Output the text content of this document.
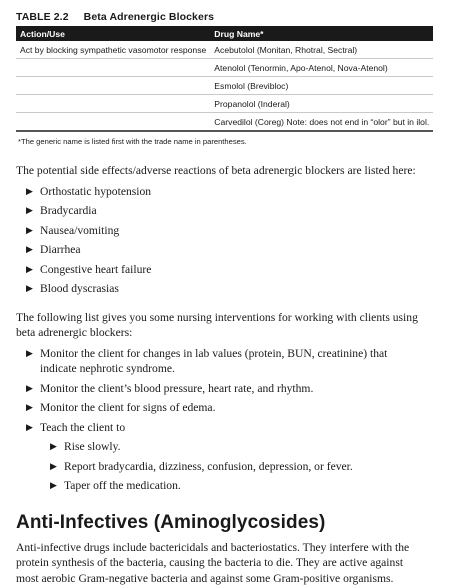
TABLE 2.2 Beta Adrenergic Blockers
Action/Use	Drug Name*
Act by blocking sympathetic vasomotor response	Acebutolol (Monitan, Rhotral, Sectral)
	Atenolol (Tenormin, Apo-Atenol, Nova-Atenol)
	Esmolol (Brevibloc)
	Propanolol (Inderal)
	Carvedilol (Coreg) Note: does not end in “olor” but in ilol.
*The generic name is listed first with the trade name in parentheses.

The potential side effects/adverse reactions of beta adrenergic blockers are listed here:

▶ Orthostatic hypotension
▶ Bradycardia
▶ Nausea/vomiting
▶ Diarrhea
▶ Congestive heart failure
▶ Blood dyscrasias

The following list gives you some nursing interventions for working with clients using beta adrenergic blockers:

▶ Monitor the client for changes in lab values (protein, BUN, creatinine) that indicate nephrotic syndrome.
▶ Monitor the client’s blood pressure, heart rate, and rhythm.
▶ Monitor the client for signs of edema.
▶ Teach the client to
▶ Rise slowly.
▶ Report bradycardia, dizziness, confusion, depression, or fever.
▶ Taper off the medication.
Anti-Infectives (Aminoglycosides)

Anti-infective drugs include bactericidals and bacteriostatics. They interfere with the protein synthesis of the bacteria, causing the bacteria to die. They are active against most aerobic Gram-negative bacteria and against some Gram-positive organisms.
